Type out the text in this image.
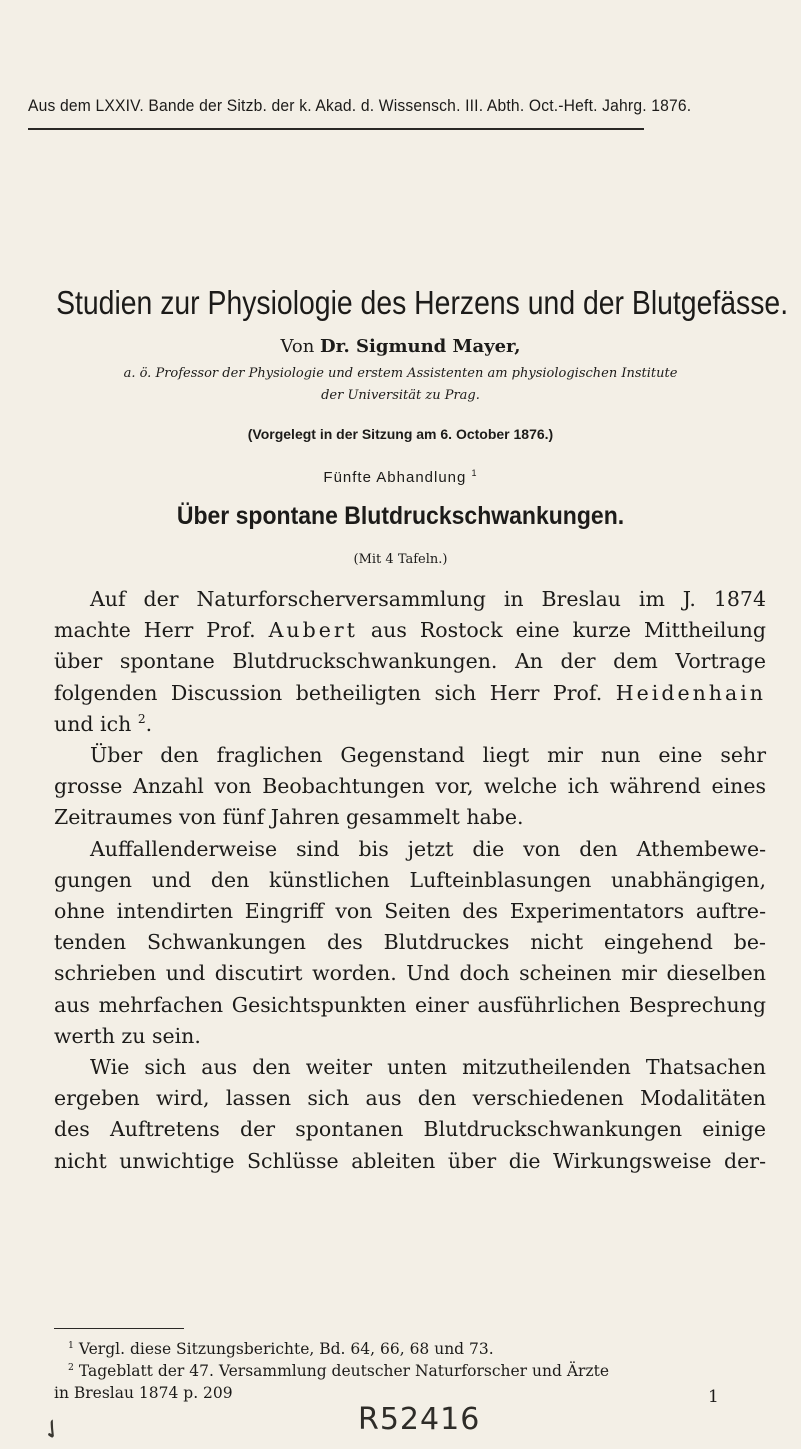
Aus dem LXXIV. Bande der Sitzb. der k. Akad. d. Wissensch. III. Abth. Oct.-Heft. Jahrg. 1876.
Studien zur Physiologie des Herzens und der Blutgefässe.
Von Dr. Sigmund Mayer,
a. ö. Professor der Physiologie und erstem Assistenten am physiologischen Institute
der Universität zu Prag.
(Vorgelegt in der Sitzung am 6. October 1876.)
Fünfte Abhandlung $^1$
Über spontane Blutdruckschwankungen.
(Mit 4 Tafeln.)

Auf der Naturforscherversammlung in Breslau im J. 1874
machte Herr Prof. Aubert aus Rostock eine kurze Mittheilung
über spontane Blutdruckschwankungen. An der dem Vortrage
folgenden Discussion betheiligten sich Herr Prof. Heidenhain
und ich $^2$.

Über den fraglichen Gegenstand liegt mir nun eine sehr
grosse Anzahl von Beobachtungen vor, welche ich während eines
Zeitraumes von fünf Jahren gesammelt habe.

Auffallenderweise sind bis jetzt die von den Athembewe-
gungen und den künstlichen Lufteinblasungen unabhängigen,
ohne intendirten Eingriff von Seiten des Experimentators auftre-
tenden Schwankungen des Blutdruckes nicht eingehend be-
schrieben und discutirt worden. Und doch scheinen mir dieselben
aus mehrfachen Gesichtspunkten einer ausführlichen Besprechung
werth zu sein.

Wie sich aus den weiter unten mitzutheilenden Thatsachen
ergeben wird, lassen sich aus den verschiedenen Modalitäten
des Auftretens der spontanen Blutdruckschwankungen einige
nicht unwichtige Schlüsse ableiten über die Wirkungsweise der-

$^1$ Vergl. diese Sitzungsberichte, Bd. 64, 66, 68 und 73.
$^2$ Tageblatt der 47. Versammlung deutscher Naturforscher und Ärzte
in Breslau 1874 p. 209	1
✓	R52416
